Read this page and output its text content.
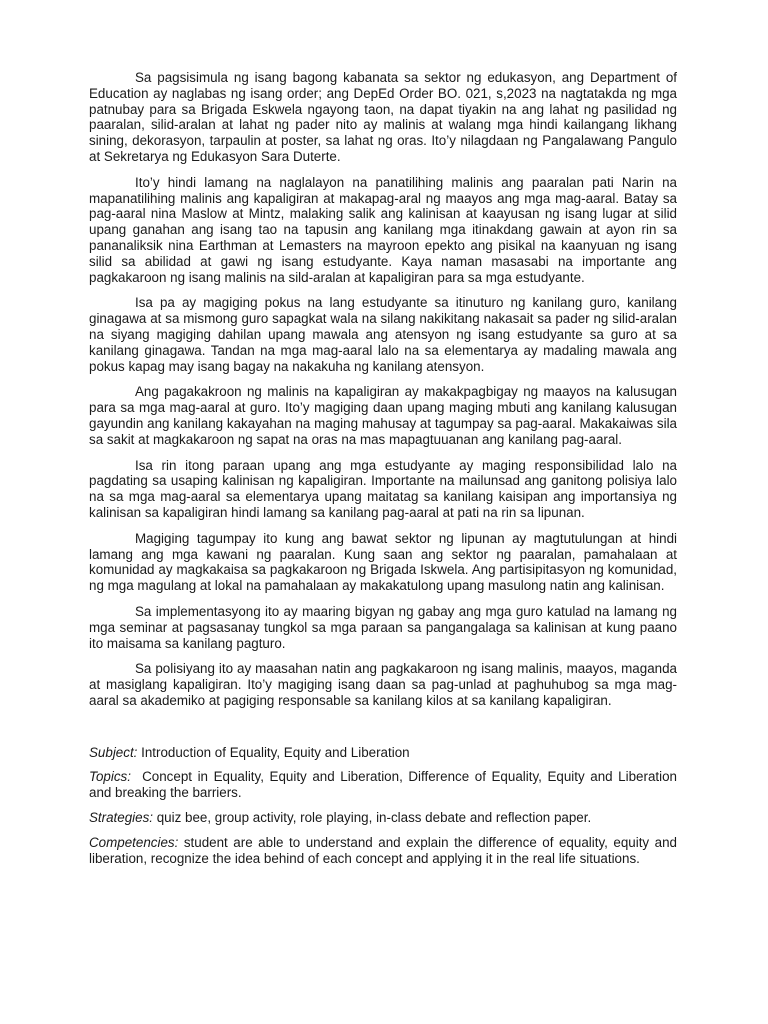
Sa pagsisimula ng isang bagong kabanata sa sektor ng edukasyon, ang Department of Education ay naglabas ng isang order; ang DepEd Order BO. 021, s,2023 na nagtatakda ng mga patnubay para sa Brigada Eskwela ngayong taon, na dapat tiyakin na ang lahat ng pasilidad ng paaralan, silid-aralan at lahat ng pader nito ay malinis at walang mga hindi kailangang likhang sining, dekorasyon, tarpaulin at poster, sa lahat ng oras. Ito’y nilagdaan ng Pangalawang Pangulo at Sekretarya ng Edukasyon Sara Duterte.

Ito’y hindi lamang na naglalayon na panatilihing malinis ang paaralan pati Narin na mapanatilihing malinis ang kapaligiran at makapag-aral ng maayos ang mga mag-aaral. Batay sa pag-aaral nina Maslow at Mintz, malaking salik ang kalinisan at kaayusan ng isang lugar at silid upang ganahan ang isang tao na tapusin ang kanilang mga itinakdang gawain at ayon rin sa pananaliksik nina Earthman at Lemasters na mayroon epekto ang pisikal na kaanyuan ng isang silid sa abilidad at gawi ng isang estudyante. Kaya naman masasabi na importante ang pagkakaroon ng isang malinis na sild-aralan at kapaligiran para sa mga estudyante.

Isa pa ay magiging pokus na lang estudyante sa itinuturo ng kanilang guro, kanilang ginagawa at sa mismong guro sapagkat wala na silang nakikitang nakasait sa pader ng silid-aralan na siyang magiging dahilan upang mawala ang atensyon ng isang estudyante sa guro at sa kanilang ginagawa. Tandan na mga mag-aaral lalo na sa elementarya ay madaling mawala ang pokus kapag may isang bagay na nakakuha ng kanilang atensyon.

Ang pagakakroon ng malinis na kapaligiran ay makakpagbigay ng maayos na kalusugan para sa mga mag-aaral at guro. Ito’y magiging daan upang maging mbuti ang kanilang kalusugan gayundin ang kanilang kakayahan na maging mahusay at tagumpay sa pag-aaral. Makakaiwas sila sa sakit at magkakaroon ng sapat na oras na mas mapagtuuanan ang kanilang pag-aaral.

Isa rin itong paraan upang ang mga estudyante ay maging responsibilidad lalo na pagdating sa usaping kalinisan ng kapaligiran. Importante na mailunsad ang ganitong polisiya lalo na sa mga mag-aaral sa elementarya upang maitatag sa kanilang kaisipan ang importansiya ng kalinisan sa kapaligiran hindi lamang sa kanilang pag-aaral at pati na rin sa lipunan.

Magiging tagumpay ito kung ang bawat sektor ng lipunan ay magtutulungan at hindi lamang ang mga kawani ng paaralan. Kung saan ang sektor ng paaralan, pamahalaan at komunidad ay magkakaisa sa pagkakaroon ng Brigada Iskwela. Ang partisipitasyon ng komunidad, ng mga magulang at lokal na pamahalaan ay makakatulong upang masulong natin ang kalinisan.

Sa implementasyong ito ay maaring bigyan ng gabay ang mga guro katulad na lamang ng mga seminar at pagsasanay tungkol sa mga paraan sa pangangalaga sa kalinisan at kung paano ito maisama sa kanilang pagturo.

Sa polisiyang ito ay maasahan natin ang pagkakaroon ng isang malinis, maayos, maganda at masiglang kapaligiran. Ito’y magiging isang daan sa pag-unlad at paghuhubog sa mga mag-aaral sa akademiko at pagiging responsable sa kanilang kilos at sa kanilang kapaligiran.

Subject: Introduction of Equality, Equity and Liberation

Topics:  Concept in Equality, Equity and Liberation, Difference of Equality, Equity and Liberation and breaking the barriers.

Strategies: quiz bee, group activity, role playing, in-class debate and reflection paper.

Competencies: student are able to understand and explain the difference of equality, equity and liberation, recognize the idea behind of each concept and applying it in the real life situations.
